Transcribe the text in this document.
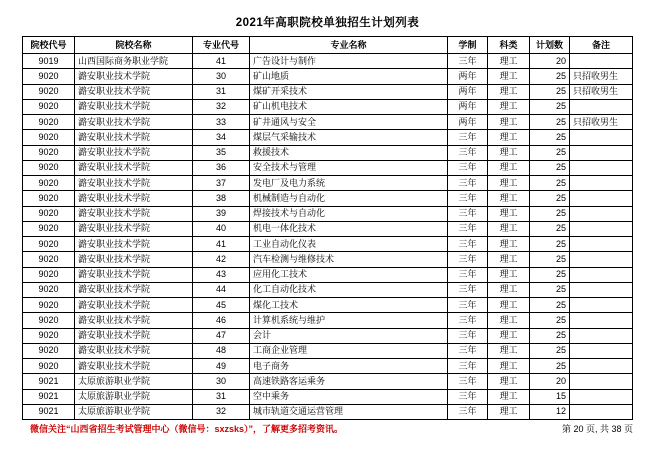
2021年高职院校单独招生计划列表
院校代号	院校名称	专业代号	专业名称	学制	科类	计划数	备注
9019	山西国际商务职业学院	41	广告设计与制作	三年	理工	20	
9020	潞安职业技术学院	30	矿山地质	两年	理工	25	只招收男生
9020	潞安职业技术学院	31	煤矿开采技术	两年	理工	25	只招收男生
9020	潞安职业技术学院	32	矿山机电技术	两年	理工	25	
9020	潞安职业技术学院	33	矿井通风与安全	两年	理工	25	只招收男生
9020	潞安职业技术学院	34	煤层气采输技术	三年	理工	25	
9020	潞安职业技术学院	35	救援技术	三年	理工	25	
9020	潞安职业技术学院	36	安全技术与管理	三年	理工	25	
9020	潞安职业技术学院	37	发电厂及电力系统	三年	理工	25	
9020	潞安职业技术学院	38	机械制造与自动化	三年	理工	25	
9020	潞安职业技术学院	39	焊接技术与自动化	三年	理工	25	
9020	潞安职业技术学院	40	机电一体化技术	三年	理工	25	
9020	潞安职业技术学院	41	工业自动化仪表	三年	理工	25	
9020	潞安职业技术学院	42	汽车检测与维修技术	三年	理工	25	
9020	潞安职业技术学院	43	应用化工技术	三年	理工	25	
9020	潞安职业技术学院	44	化工自动化技术	三年	理工	25	
9020	潞安职业技术学院	45	煤化工技术	三年	理工	25	
9020	潞安职业技术学院	46	计算机系统与维护	三年	理工	25	
9020	潞安职业技术学院	47	会计	三年	理工	25	
9020	潞安职业技术学院	48	工商企业管理	三年	理工	25	
9020	潞安职业技术学院	49	电子商务	三年	理工	25	
9021	太原旅游职业学院	30	高速铁路客运乘务	三年	理工	20	
9021	太原旅游职业学院	31	空中乘务	三年	理工	15	
9021	太原旅游职业学院	32	城市轨道交通运营管理	三年	理工	12	
微信关注“山西省招生考试管理中心（微信号：sxzsks）”，了解更多招考资讯。	第 20 页, 共 38 页
